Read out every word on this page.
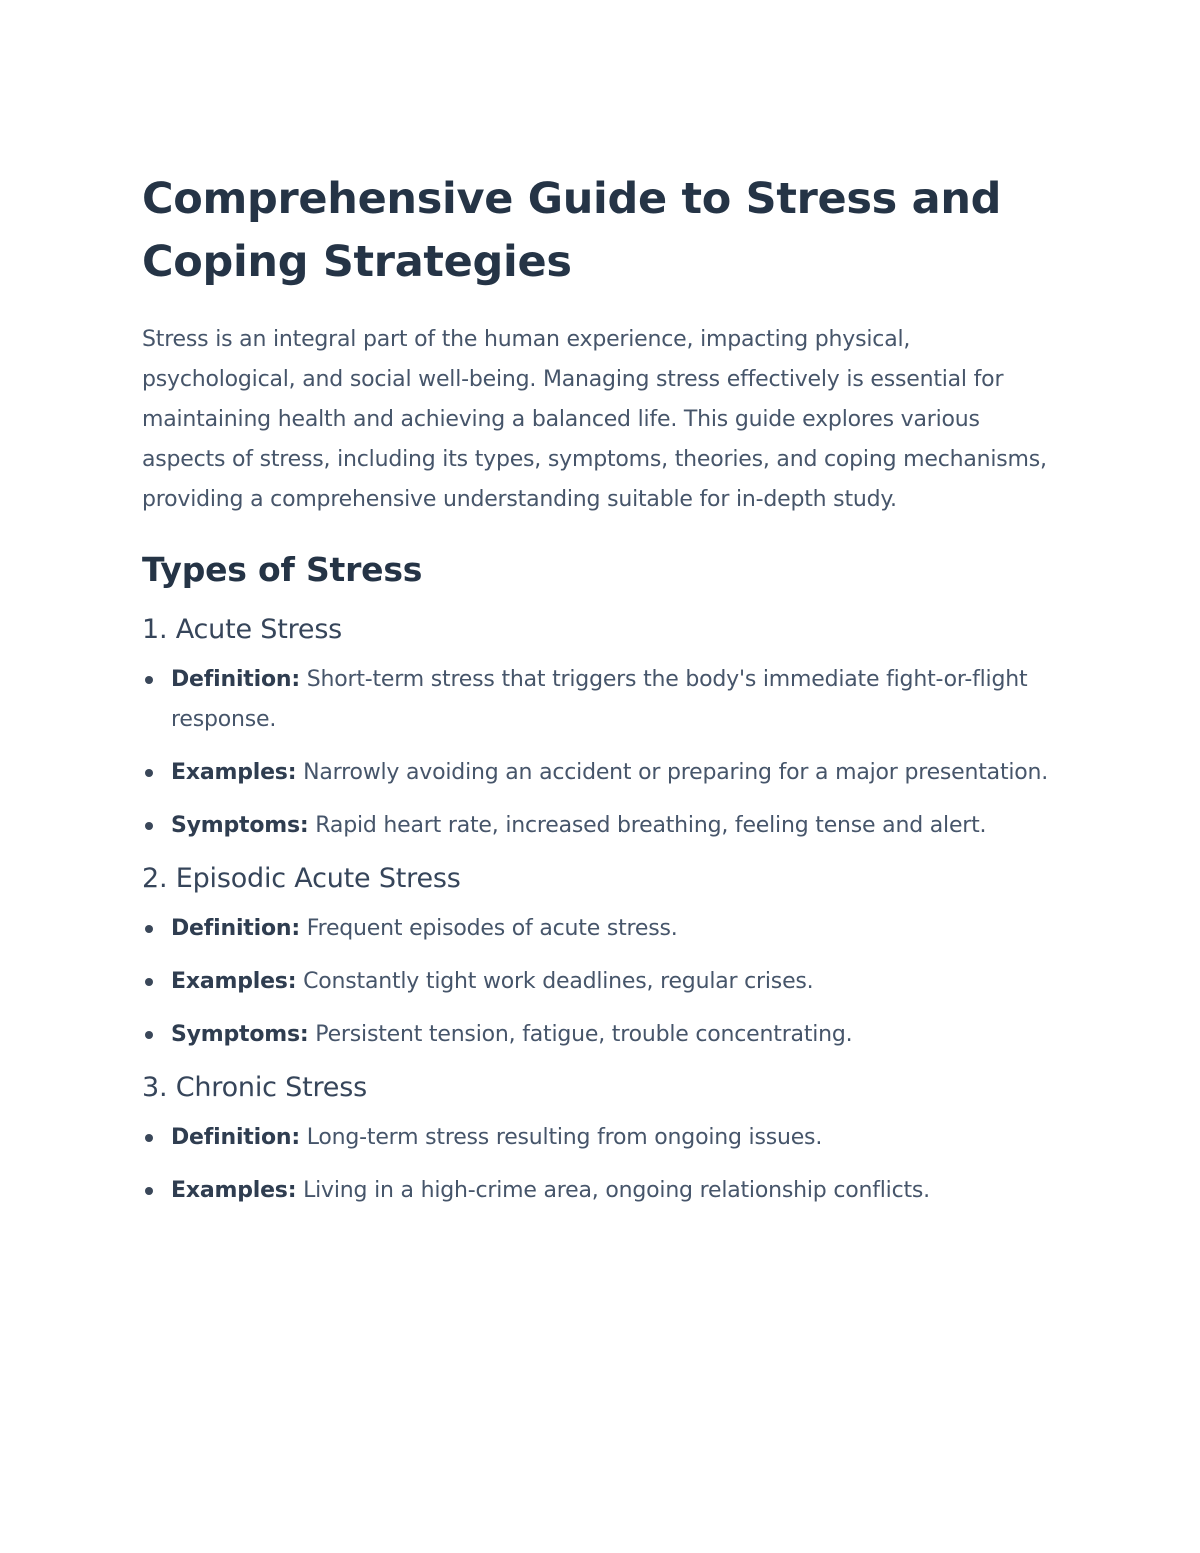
Comprehensive Guide to Stress and Coping Strategies

Stress is an integral part of the human experience, impacting physical, psychological, and social well-being. Managing stress effectively is essential for maintaining health and achieving a balanced life. This guide explores various aspects of stress, including its types, symptoms, theories, and coping mechanisms, providing a comprehensive understanding suitable for in-depth study.

Types of Stress
1. Acute Stress
Definition: Short-term stress that triggers the body's immediate fight-or-flight response.
Examples: Narrowly avoiding an accident or preparing for a major presentation.
Symptoms: Rapid heart rate, increased breathing, feeling tense and alert.
2. Episodic Acute Stress
Definition: Frequent episodes of acute stress.
Examples: Constantly tight work deadlines, regular crises.
Symptoms: Persistent tension, fatigue, trouble concentrating.
3. Chronic Stress
Definition: Long-term stress resulting from ongoing issues.
Examples: Living in a high-crime area, ongoing relationship conflicts.
